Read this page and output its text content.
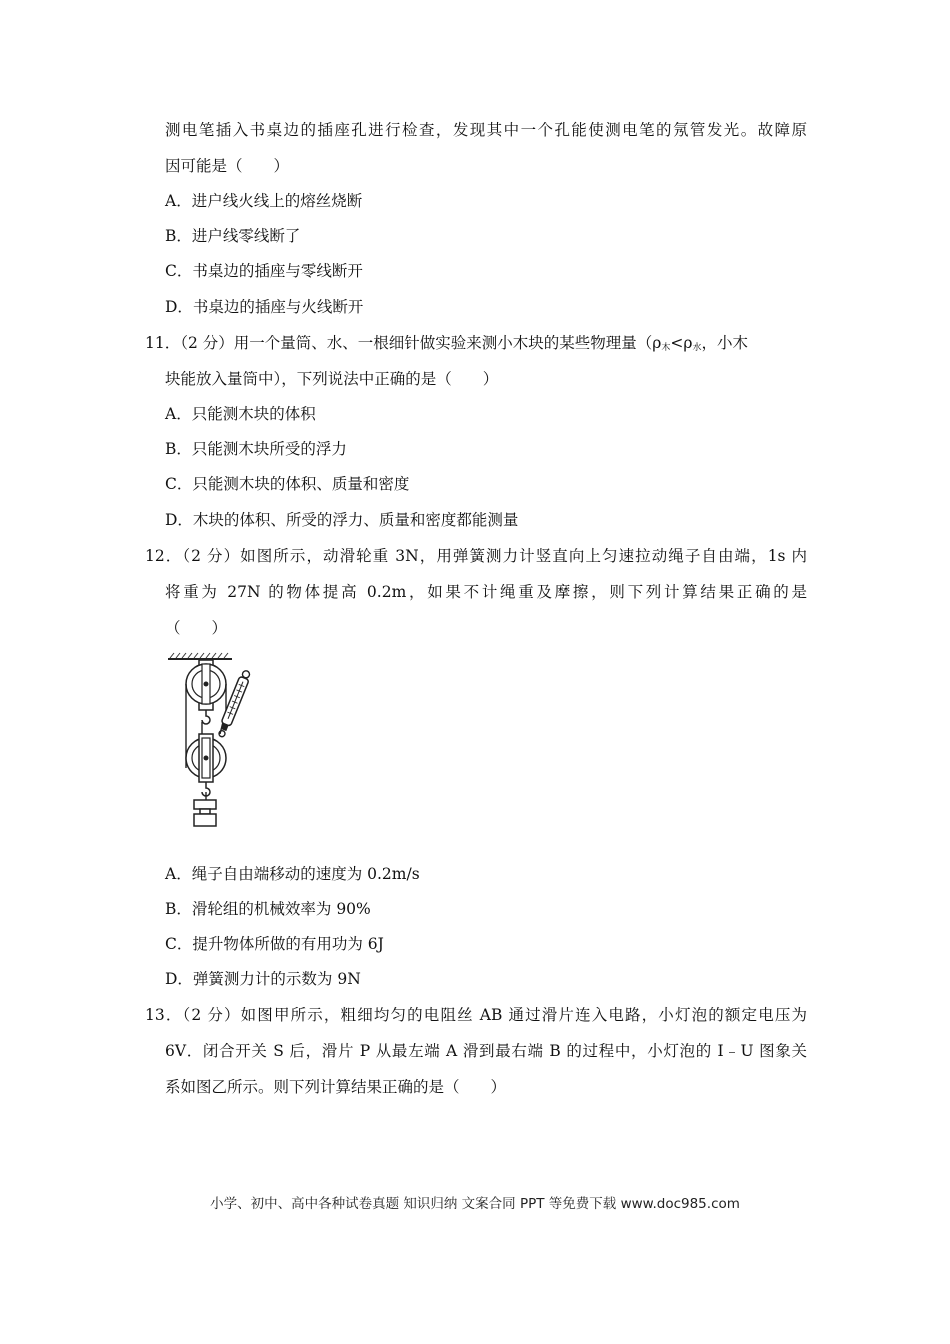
测电笔插入书桌边的插座孔进行检查，发现其中一个孔能使测电笔的氖管发光。故障原
因可能是（　　）
A．进户线火线上的熔丝烧断
B．进户线零线断了
C．书桌边的插座与零线断开
D．书桌边的插座与火线断开
11．（2 分）用一个量筒、水、一根细针做实验来测小木块的某些物理量（$\rho_木<\rho_水$，小木
块能放入量筒中），下列说法中正确的是（　　）
A．只能测木块的体积
B．只能测木块所受的浮力
C．只能测木块的体积、质量和密度
D．木块的体积、所受的浮力、质量和密度都能测量
12．（2 分）如图所示，动滑轮重 3N，用弹簧测力计竖直向上匀速拉动绳子自由端，1s 内
将重为 27N 的物体提高 0.2m，如果不计绳重及摩擦，则下列计算结果正确的是
（　　）
A．绳子自由端移动的速度为 0.2m/s
B．滑轮组的机械效率为 90%
C．提升物体所做的有用功为 6J
D．弹簧测力计的示数为 9N
13．（2 分）如图甲所示，粗细均匀的电阻丝 AB 通过滑片连入电路，小灯泡的额定电压为
6V．闭合开关 S 后，滑片 P 从最左端 A 滑到最右端 B 的过程中，小灯泡的 I﹣U 图象关
系如图乙所示。则下列计算结果正确的是（　　）
小学、初中、高中各种试卷真题 知识归纳 文案合同 PPT 等免费下载 www.doc985.com
